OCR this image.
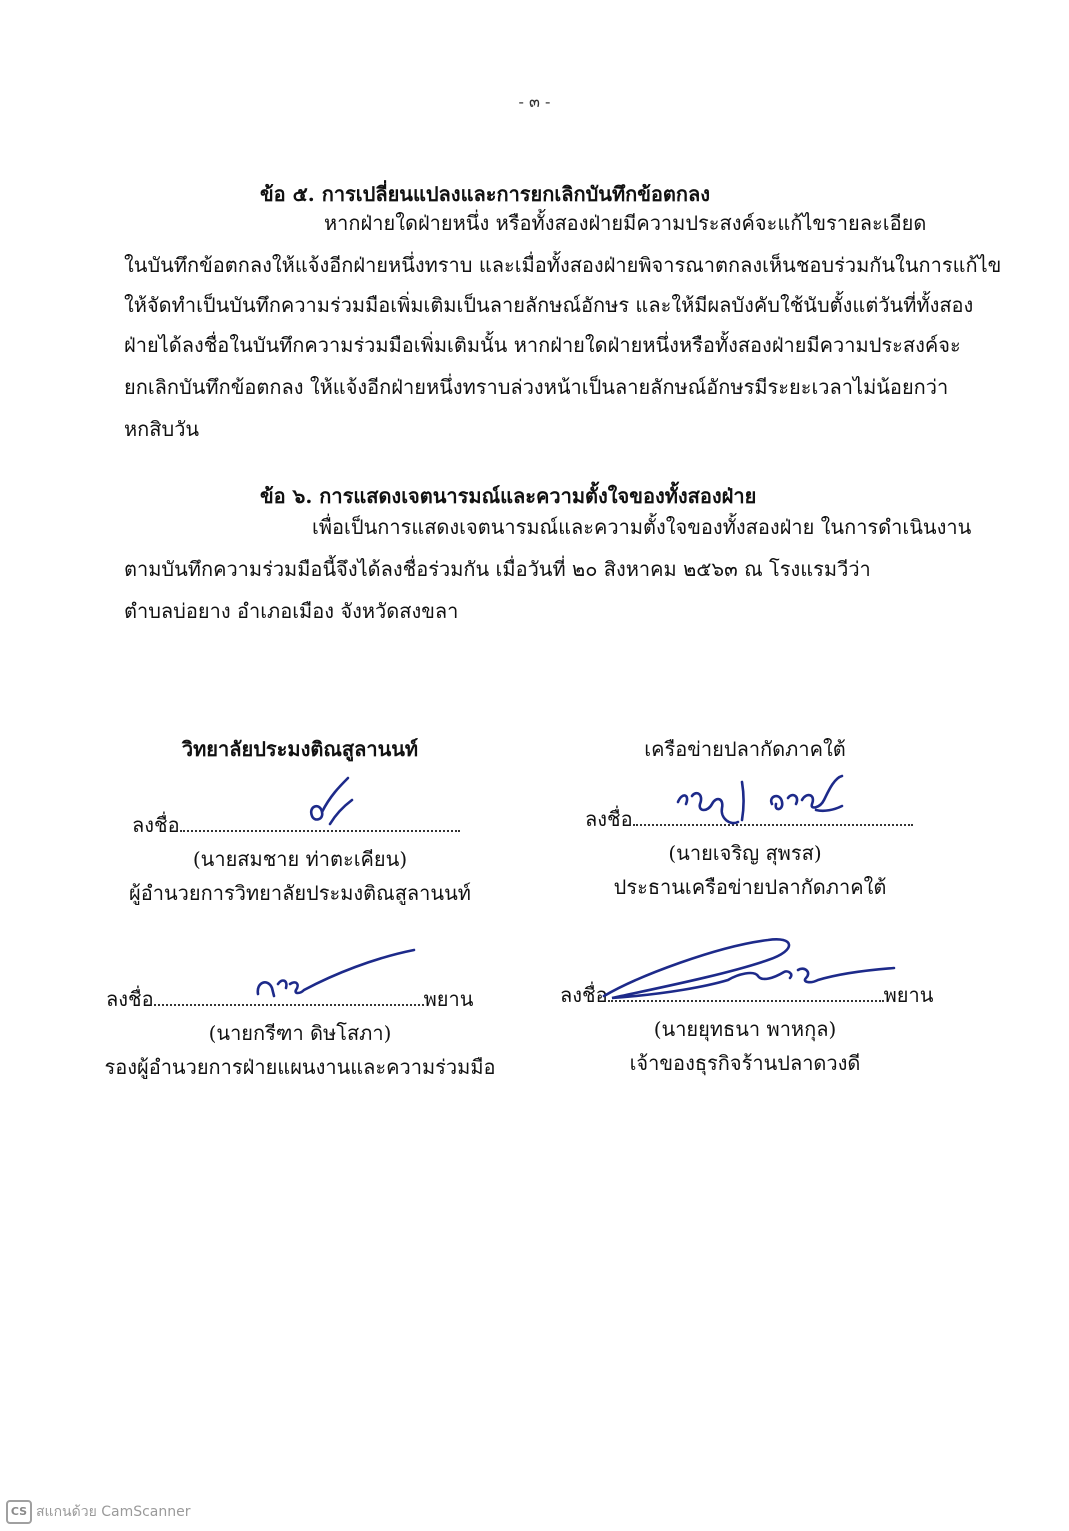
- ๓ -
ข้อ ๕. การเปลี่ยนแปลงและการยกเลิกบันทึกข้อตกลง
หากฝ่ายใดฝ่ายหนึ่ง หรือทั้งสองฝ่ายมีความประสงค์จะแก้ไขรายละเอียด
ในบันทึกข้อตกลงให้แจ้งอีกฝ่ายหนึ่งทราบ และเมื่อทั้งสองฝ่ายพิจารณาตกลงเห็นชอบร่วมกันในการแก้ไข
ให้จัดทำเป็นบันทึกความร่วมมือเพิ่มเติมเป็นลายลักษณ์อักษร และให้มีผลบังคับใช้นับตั้งแต่วันที่ทั้งสอง
ฝ่ายได้ลงชื่อในบันทึกความร่วมมือเพิ่มเติมนั้น หากฝ่ายใดฝ่ายหนึ่งหรือทั้งสองฝ่ายมีความประสงค์จะ
ยกเลิกบันทึกข้อตกลง ให้แจ้งอีกฝ่ายหนึ่งทราบล่วงหน้าเป็นลายลักษณ์อักษรมีระยะเวลาไม่น้อยกว่า
หกสิบวัน
ข้อ ๖. การแสดงเจตนารมณ์และความตั้งใจของทั้งสองฝ่าย
เพื่อเป็นการแสดงเจตนารมณ์และความตั้งใจของทั้งสองฝ่าย ในการดำเนินงาน
ตามบันทึกความร่วมมือนี้จึงได้ลงชื่อร่วมกัน เมื่อวันที่ ๒๐ สิงหาคม ๒๕๖๓ ณ โรงแรมวีว่า
ตำบลบ่อยาง อำเภอเมือง จังหวัดสงขลา
วิทยาลัยประมงติณสูลานนท์
ลงชื่อ
(นายสมชาย ท่าตะเคียน)
ผู้อำนวยการวิทยาลัยประมงติณสูลานนท์
ลงชื่อ	พยาน
(นายกรีฑา ดิษโสภา)
รองผู้อำนวยการฝ่ายแผนงานและความร่วมมือ
เครือข่ายปลากัดภาคใต้
ลงชื่อ
(นายเจริญ สุพรส)
ประธานเครือข่ายปลากัดภาคใต้
ลงชื่อ	พยาน
(นายยุทธนา พาหกุล)
เจ้าของธุรกิจร้านปลาดวงดี
CS สแกนด้วย CamScanner
